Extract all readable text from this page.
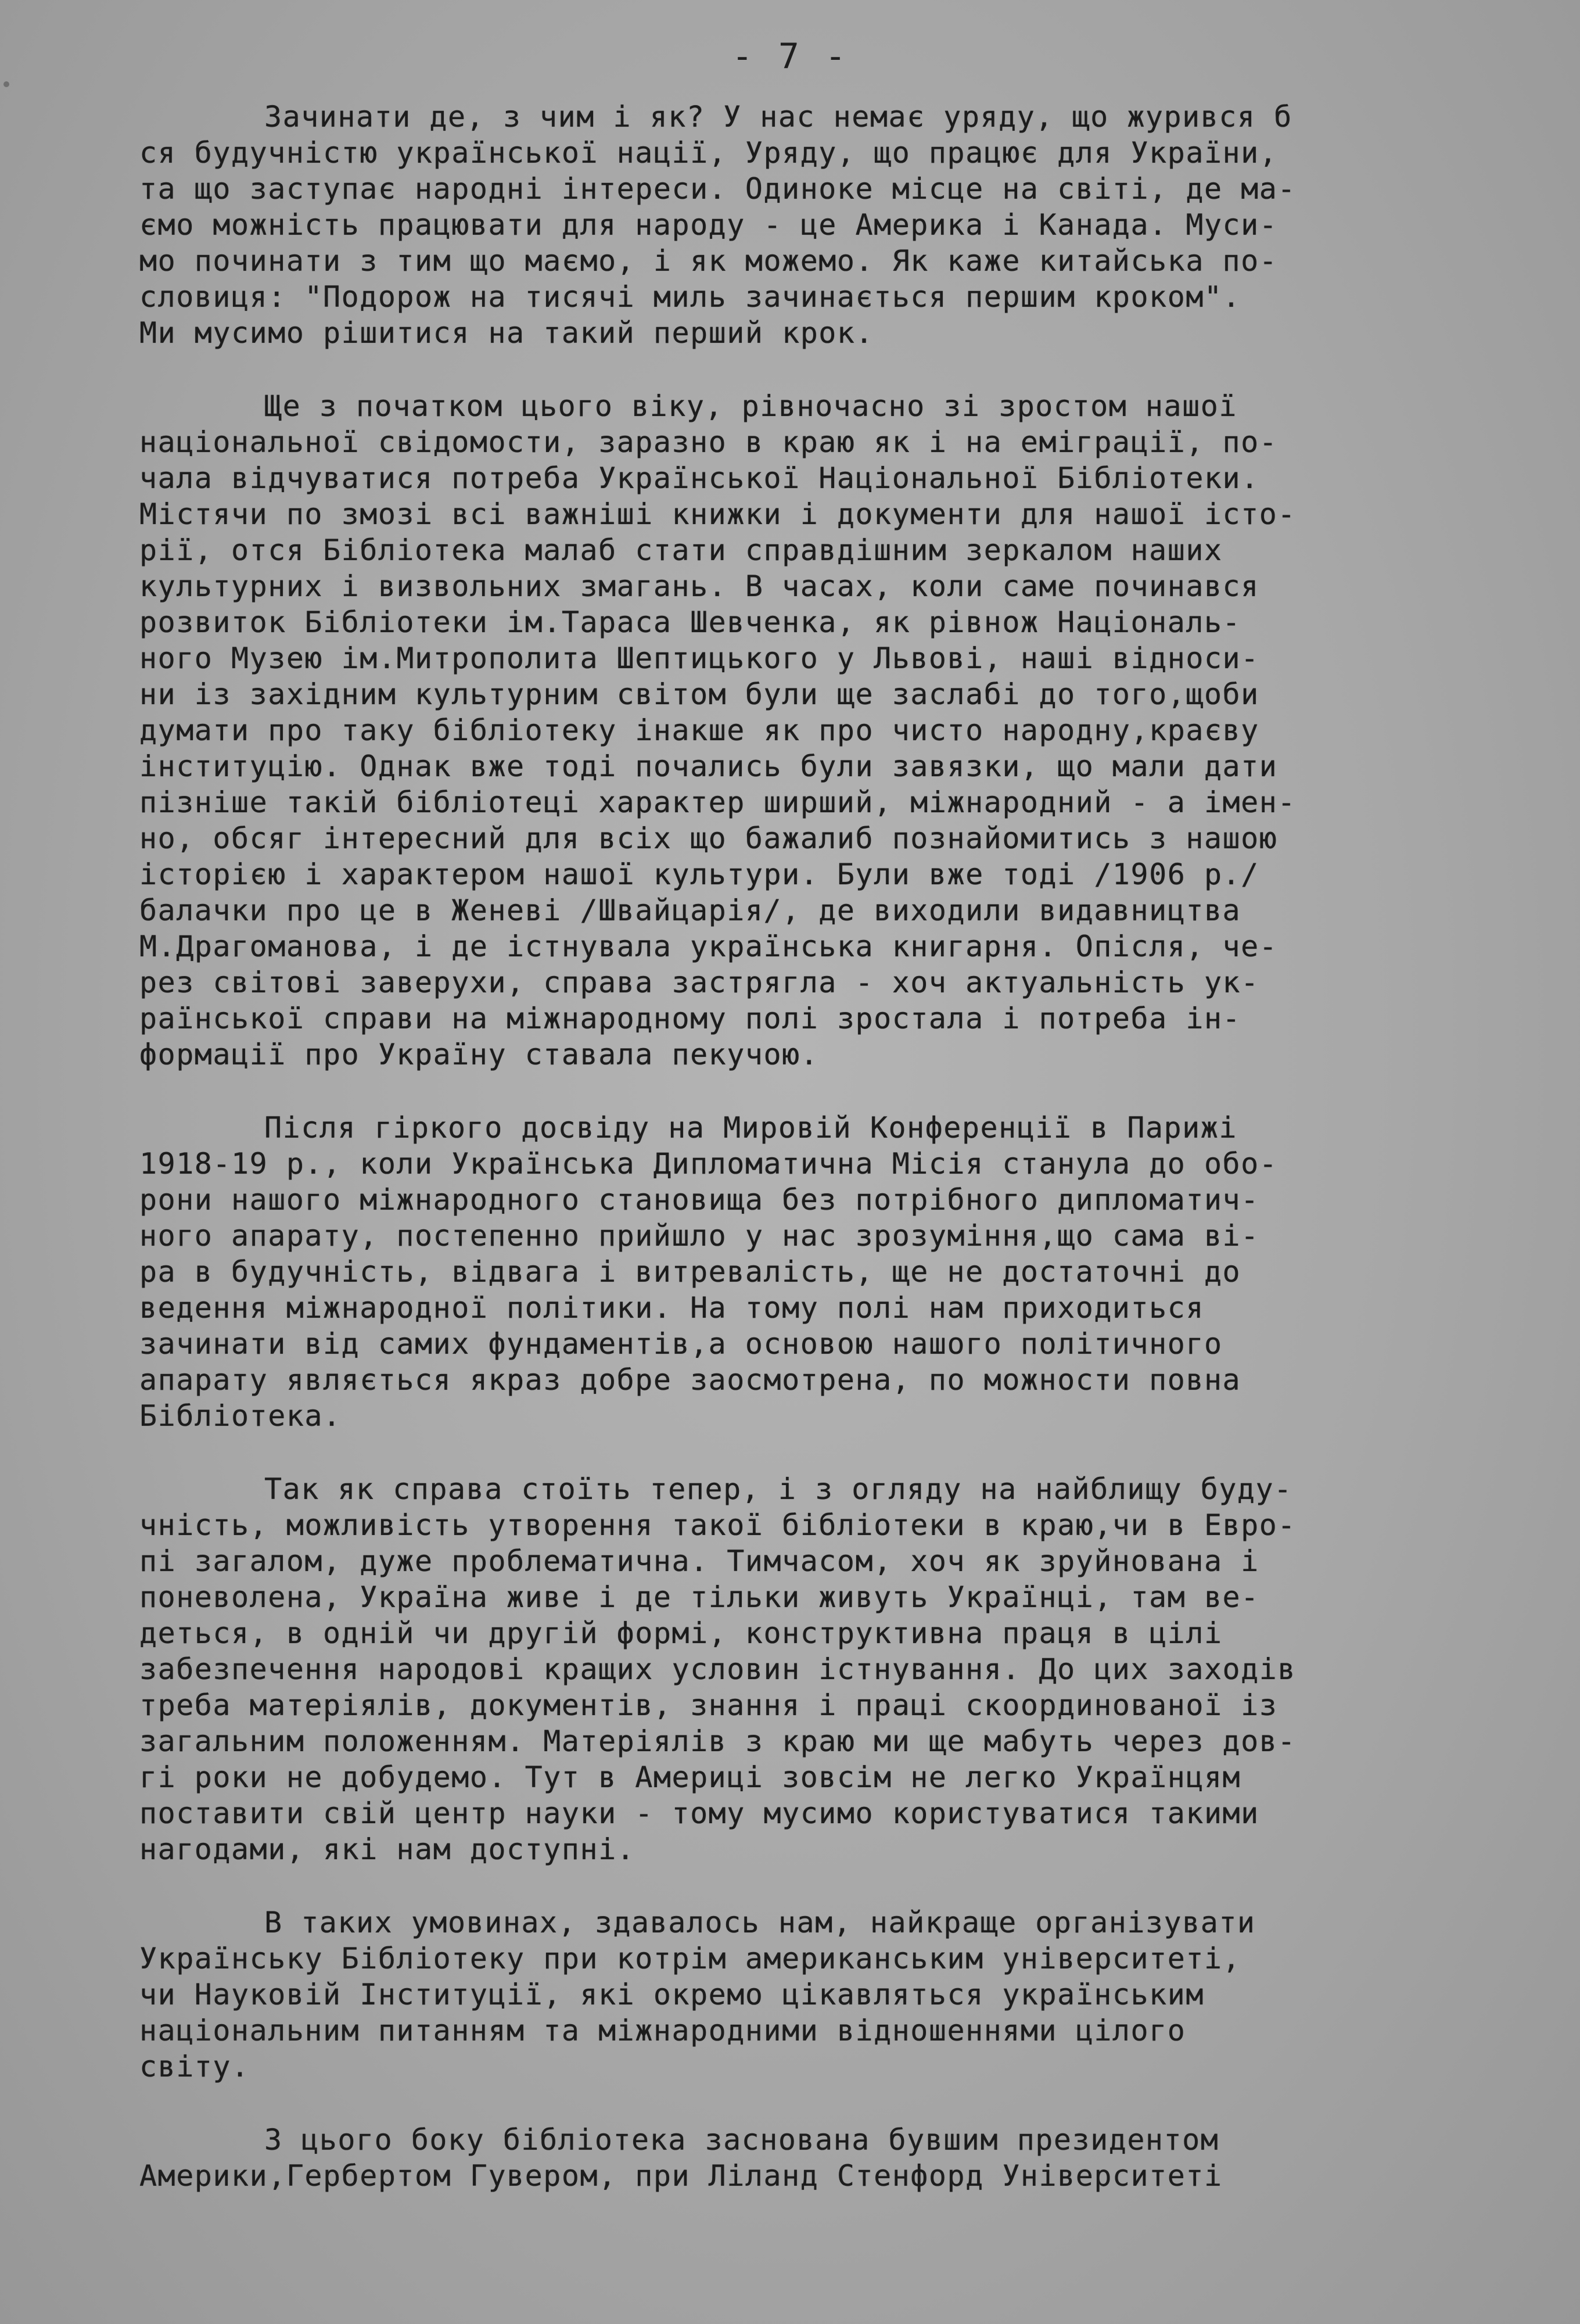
- 7 -
Зачинати де, з чим і як? У нас немає уряду, що журився б
ся будучністю української нації, Уряду, що працює для України,
та що заступає народні інтереси. Одиноке місце на світі, де ма-
ємо можність працювати для народу - це Америка і Канада. Муси-
мо починати з тим що маємо, і як можемо. Як каже китайська по-
словиця: "Подорож на тисячі миль зачинається першим кроком".
Ми мусимо рішитися на такий перший крок.
Ще з початком цього віку, рівночасно зі зростом нашої
національної свідомости, заразно в краю як і на еміграції, по-
чала відчуватися потреба Української Національної Бібліотеки.
Містячи по змозі всі важніші книжки і документи для нашої істо-
рії, отся Бібліотека малаб стати справдішним зеркалом наших
культурних і визвольних змагань. В часах, коли саме починався
розвиток Бібліотеки ім.Тараса Шевченка, як рівнож Національ-
ного Музею ім.Митрополита Шептицького у Львові, наші відноси-
ни із західним культурним світом були ще заслабі до того,щоби
думати про таку бібліотеку інакше як про чисто народну,краєву
інституцію. Однак вже тоді почались були завязки, що мали дати
пізніше такій бібліотеці характер ширший, міжнародний - а імен-
но, обсяг інтересний для всіх що бажалиб познайомитись з нашою
історією і характером нашої культури. Були вже тоді /1906 р./
балачки про це в Женеві /Швайцарія/, де виходили видавництва
М.Драгоманова, і де істнувала українська книгарня. Опісля, че-
рез світові заверухи, справа застрягла - хоч актуальність ук-
раїнської справи на міжнародному полі зростала і потреба ін-
формації про Україну ставала пекучою.
Після гіркого досвіду на Мировій Конференції в Парижі
1918-19 р., коли Українська Дипломатична Місія станула до обо-
рони нашого міжнародного становища без потрібного дипломатич-
ного апарату, постепенно прийшло у нас зрозуміння,що сама ві-
ра в будучність, відвага і витревалість, ще не достаточні до
ведення міжнародної політики. На тому полі нам приходиться
зачинати від самих фундаментів,а основою нашого політичного
апарату являється якраз добре заосмотрена, по можности повна
Бібліотека.
Так як справа стоїть тепер, і з огляду на найблищу буду-
чність, можливість утворення такої бібліотеки в краю,чи в Евро-
пі загалом, дуже проблематична. Тимчасом, хоч як зруйнована і
поневолена, Україна живе і де тільки живуть Українці, там ве-
деться, в одній чи другій формі, конструктивна праця в цілі
забезпечення народові кращих условин істнування. До цих заходів
треба матеріялів, документів, знання і праці скоординованої із
загальним положенням. Матеріялів з краю ми ще мабуть через дов-
гі роки не добудемо. Тут в Америці зовсім не легко Українцям
поставити свій центр науки - тому мусимо користуватися такими
нагодами, які нам доступні.
В таких умовинах, здавалось нам, найкраще організувати
Українську Бібліотеку при котрім американським університеті,
чи Науковій Інституції, які окремо цікавляться українським
національним питанням та міжнародними відношеннями цілого
світу.
З цього боку бібліотека заснована бувшим президентом
Америки,Гербертом Гувером, при Ліланд Стенфорд Університеті
